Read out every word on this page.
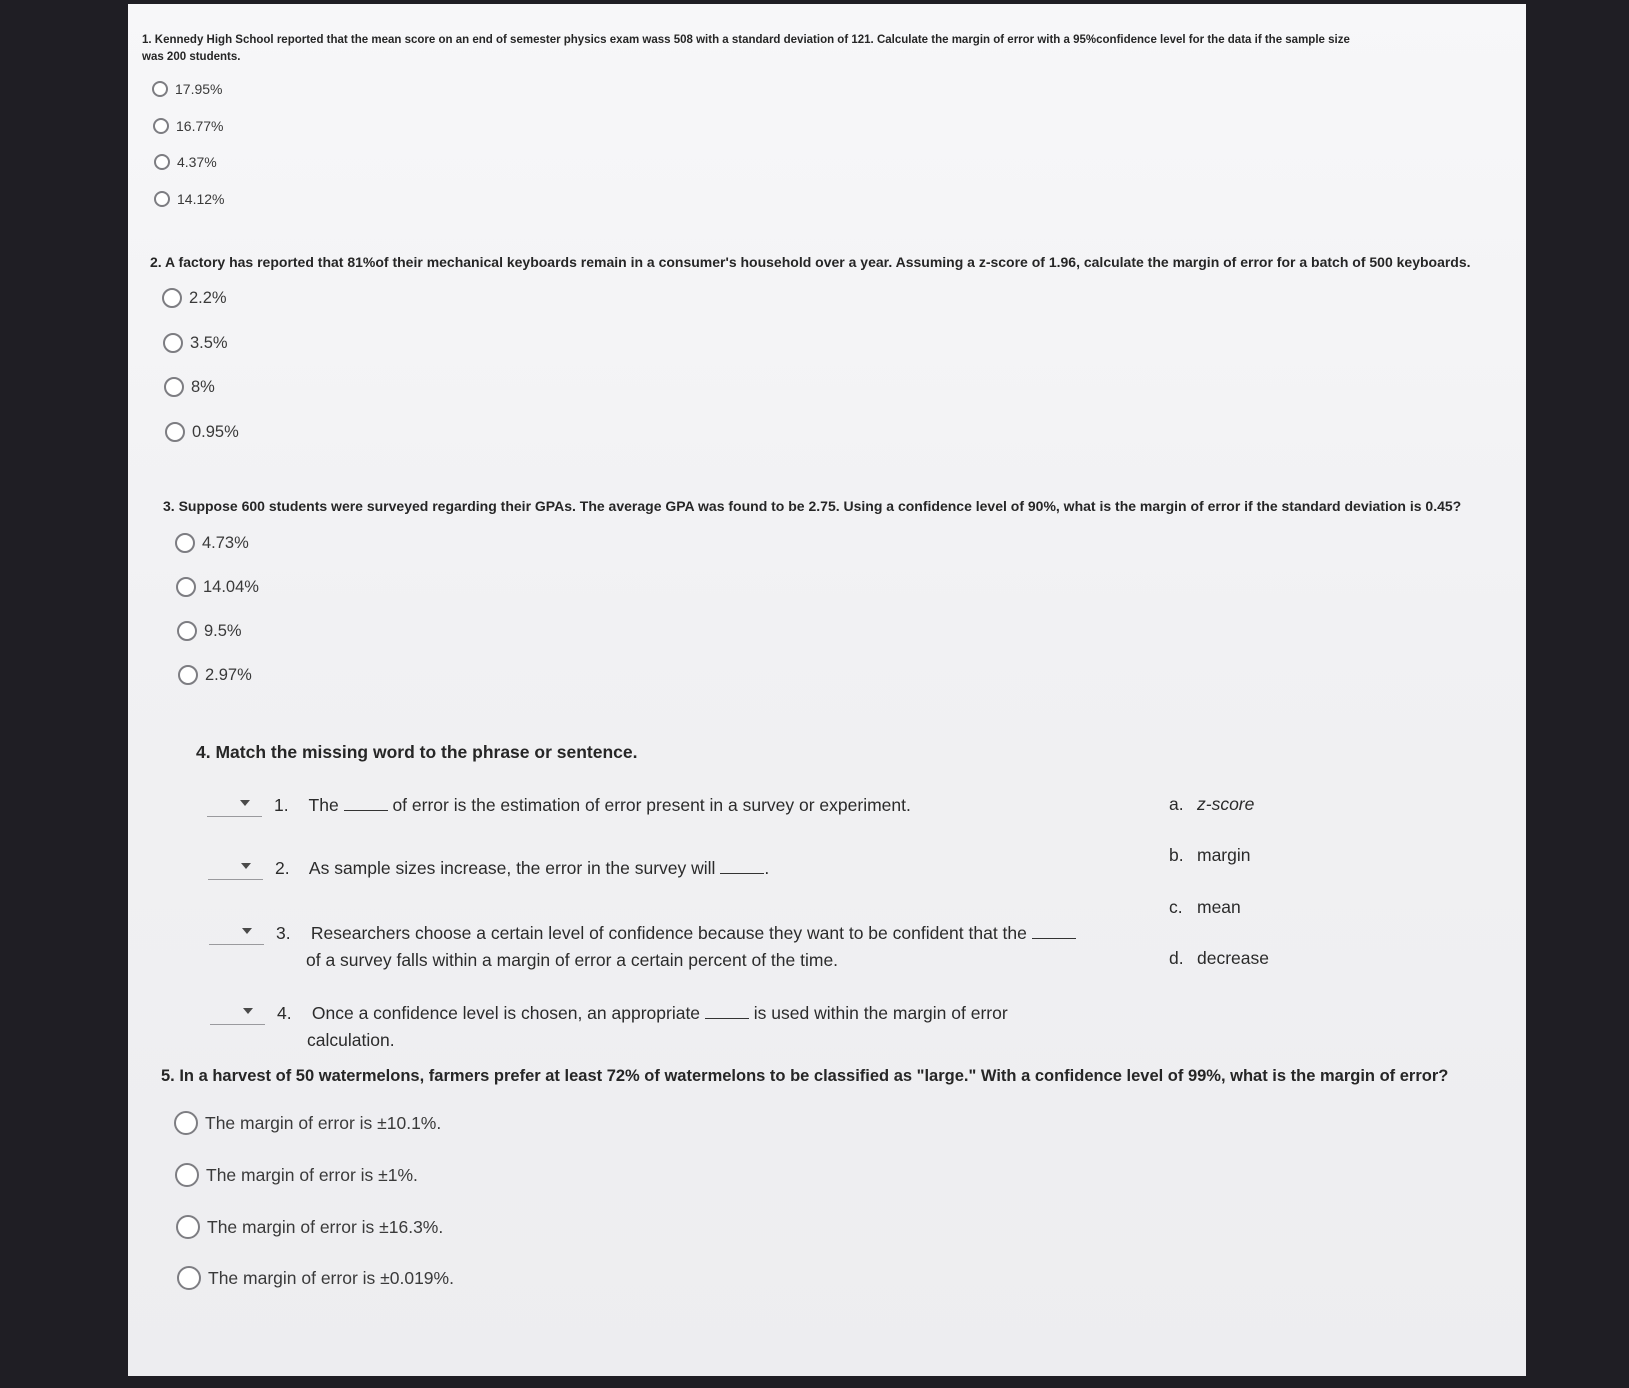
1. Kennedy High School reported that the mean score on an end of semester physics exam wass 508 with a standard deviation of 121. Calculate the margin of error with a 95%confidence level for the data if the sample size
was 200 students.
17.95%
16.77%
4.37%
14.12%
2. A factory has reported that 81%of their mechanical keyboards remain in a consumer's household over a year. Assuming a z-score of 1.96, calculate the margin of error for a batch of 500 keyboards.
2.2%
3.5%
8%
0.95%
3. Suppose 600 students were surveyed regarding their GPAs. The average GPA was found to be 2.75. Using a confidence level of 90%, what is the margin of error if the standard deviation is 0.45?
4.73%
14.04%
9.5%
2.97%
4. Match the missing word to the phrase or sentence.
1. The	of error is the estimation of error present in a survey or experiment.
2. As sample sizes increase, the error in the survey will	.
3. Researchers choose a certain level of confidence because they want to be confident that the
of a survey falls within a margin of error a certain percent of the time.
4. Once a confidence level is chosen, an appropriate	is used within the margin of error
calculation.
a. z-score
b. margin
c. mean
d. decrease
5. In a harvest of 50 watermelons, farmers prefer at least 72% of watermelons to be classified as "large." With a confidence level of 99%, what is the margin of error?
The margin of error is ±10.1%.
The margin of error is ±1%.
The margin of error is ±16.3%.
The margin of error is ±0.019%.
